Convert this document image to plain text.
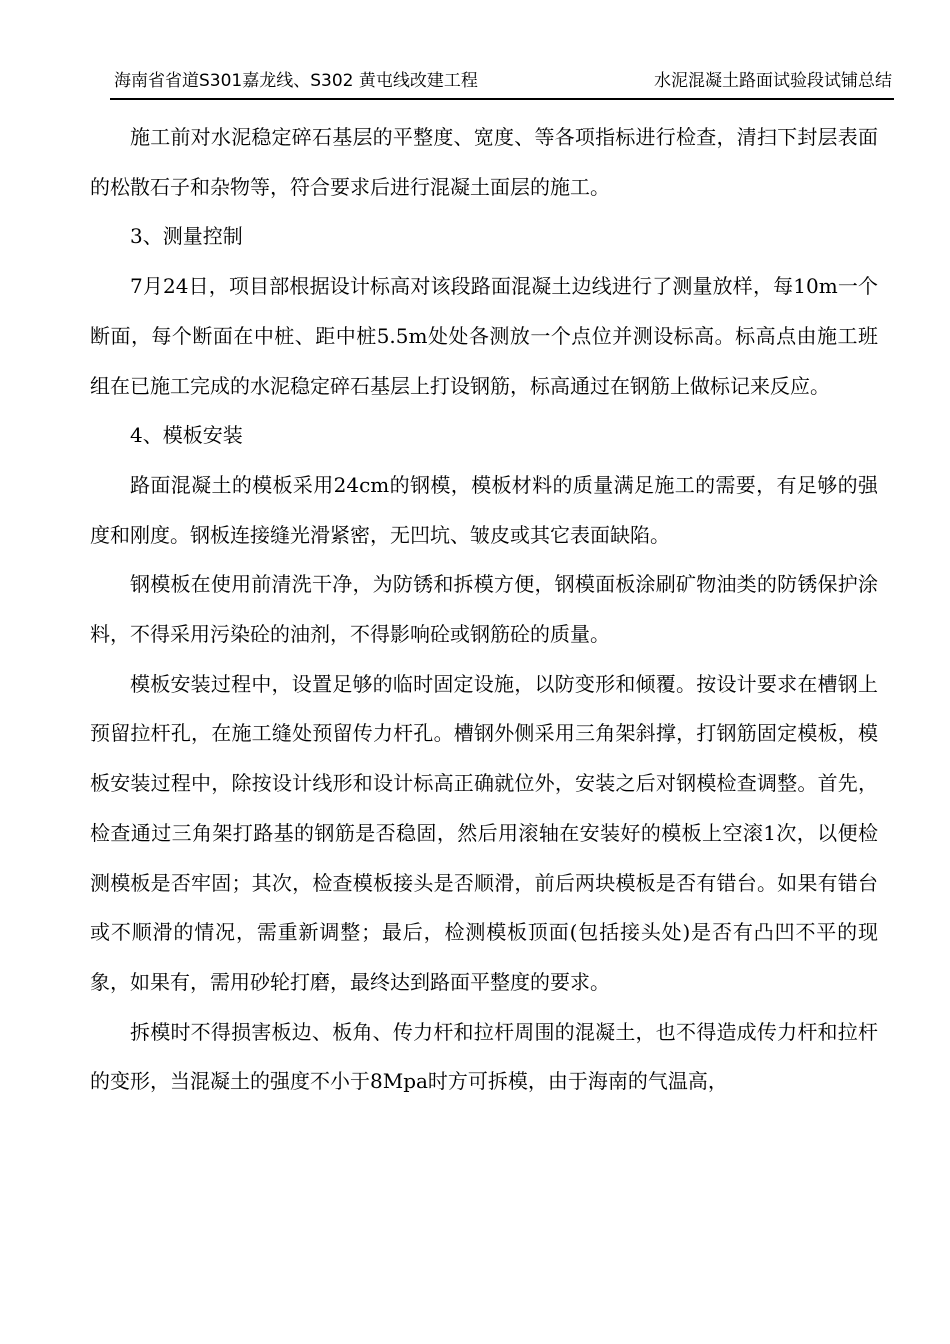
海南省省道S301嘉龙线、S302 黄屯线改建工程	水泥混凝土路面试验段试铺总结

施工前对水泥稳定碎石基层的平整度、宽度、等各项指标进行检查，清扫下封层表面的松散石子和杂物等，符合要求后进行混凝土面层的施工。

3、测量控制

7月24日，项目部根据设计标高对该段路面混凝土边线进行了测量放样，每10m一个断面，每个断面在中桩、距中桩5.5m处处各测放一个点位并测设标高。标高点由施工班组在已施工完成的水泥稳定碎石基层上打设钢筋，标高通过在钢筋上做标记来反应。

4、模板安装

路面混凝土的模板采用24cm的钢模，模板材料的质量满足施工的需要，有足够的强度和刚度。钢板连接缝光滑紧密，无凹坑、皱皮或其它表面缺陷。

钢模板在使用前清洗干净，为防锈和拆模方便，钢模面板涂刷矿物油类的防锈保护涂料，不得采用污染砼的油剂，不得影响砼或钢筋砼的质量。

模板安装过程中，设置足够的临时固定设施，以防变形和倾覆。按设计要求在槽钢上预留拉杆孔，在施工缝处预留传力杆孔。槽钢外侧采用三角架斜撑，打钢筋固定模板，模板安装过程中，除按设计线形和设计标高正确就位外，安装之后对钢模检查调整。首先，检查通过三角架打路基的钢筋是否稳固，然后用滚轴在安装好的模板上空滚1次，以便检测模板是否牢固；其次，检查模板接头是否顺滑，前后两块模板是否有错台。如果有错台或不顺滑的情况，需重新调整；最后，检测模板顶面(包括接头处)是否有凸凹不平的现象，如果有，需用砂轮打磨，最终达到路面平整度的要求。

拆模时不得损害板边、板角、传力杆和拉杆周围的混凝土，也不得造成传力杆和拉杆的变形，当混凝土的强度不小于8Mpa时方可拆模，由于海南的气温高，
